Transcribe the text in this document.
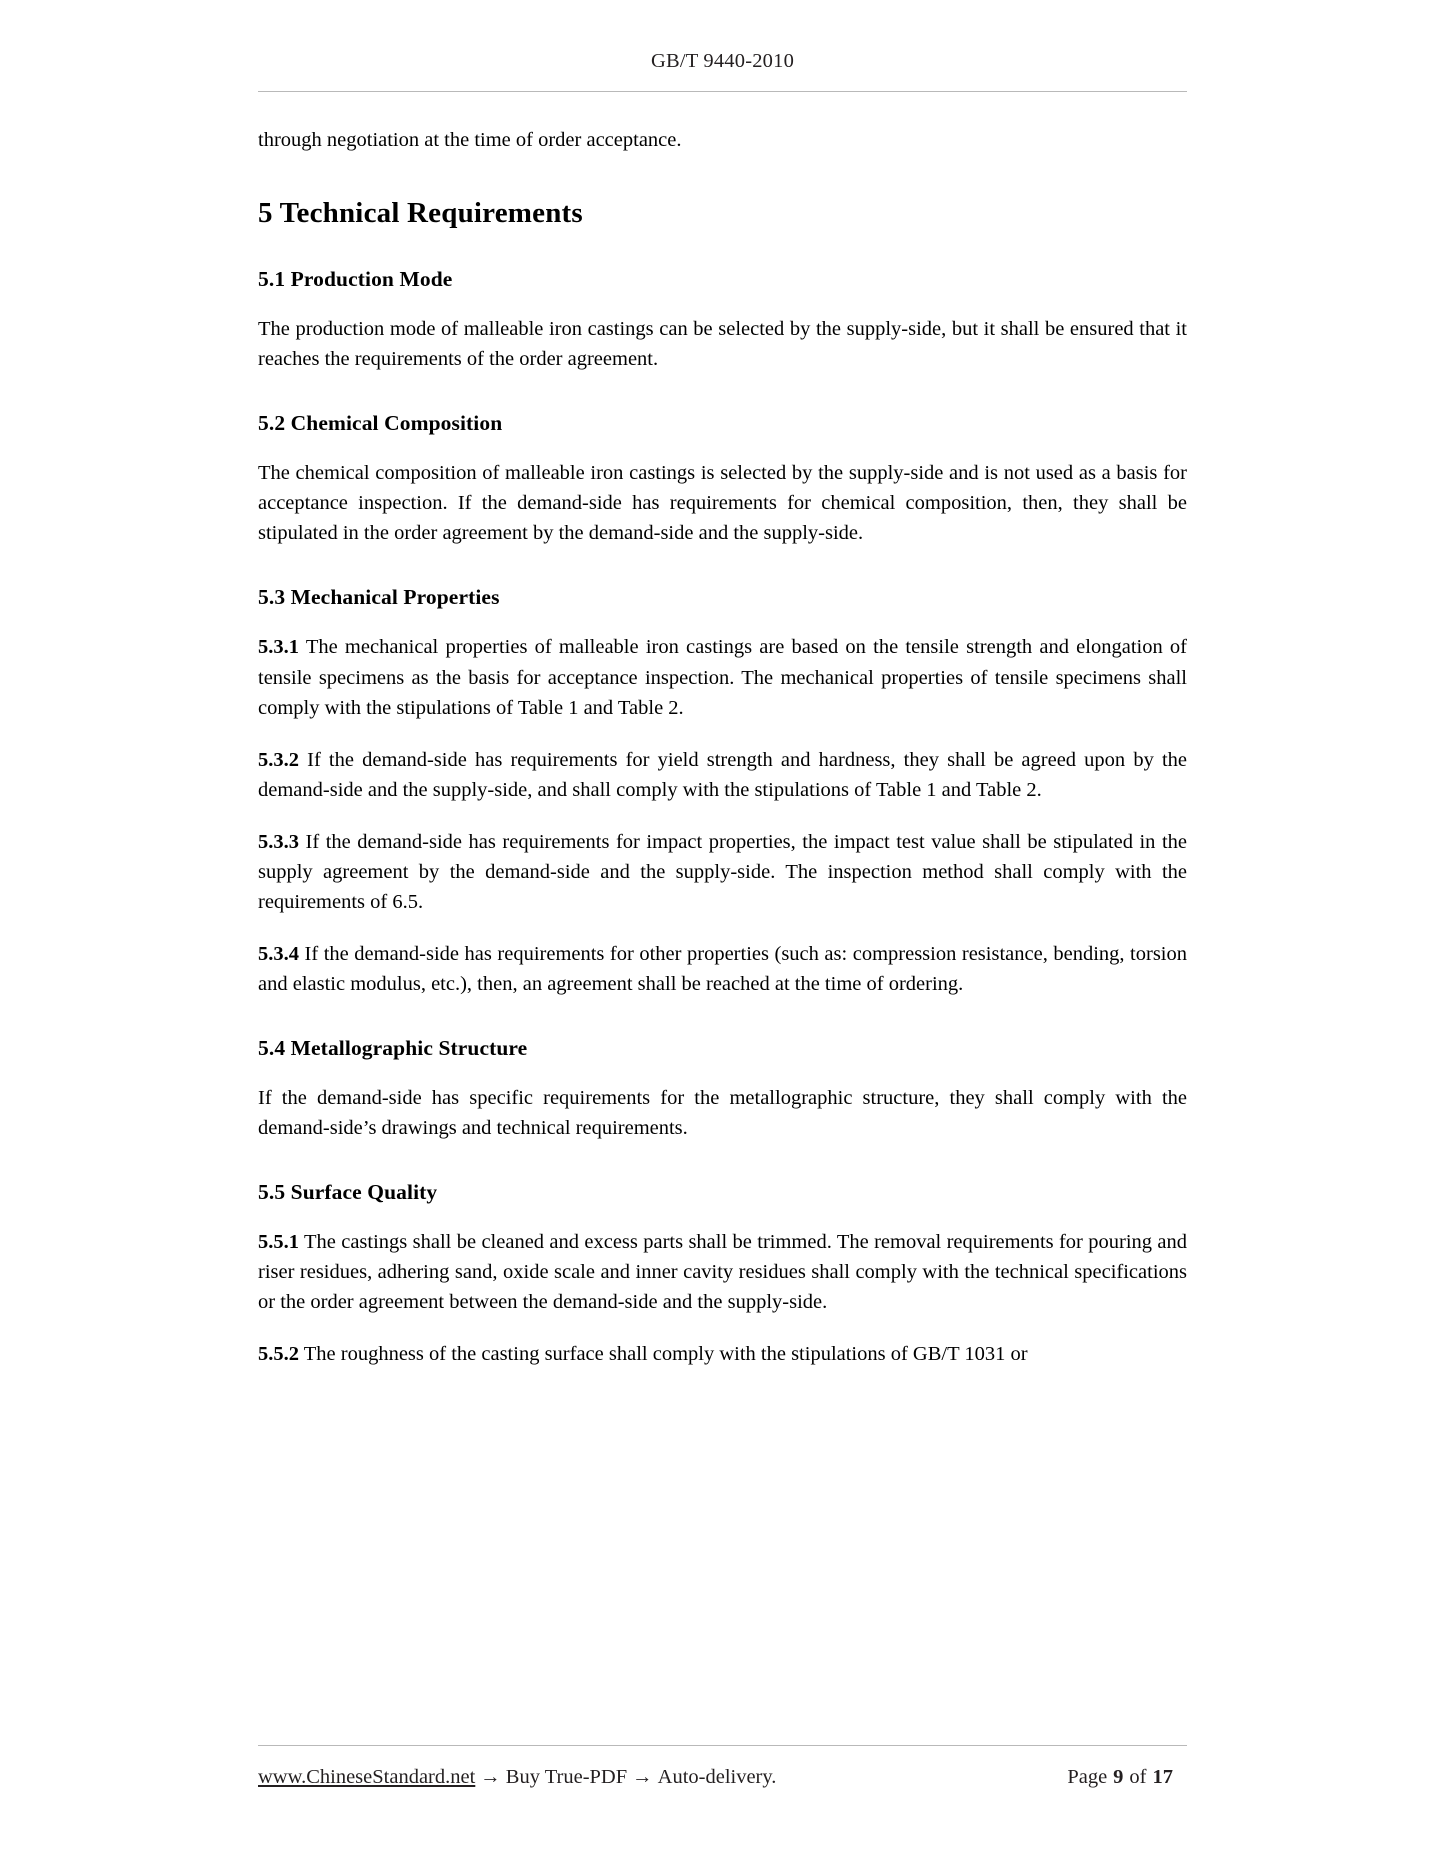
GB/T 9440-2010
through negotiation at the time of order acceptance.
5 Technical Requirements
5.1 Production Mode

The production mode of malleable iron castings can be selected by the supply-side, but it shall be ensured that it reaches the requirements of the order agreement.

5.2 Chemical Composition

The chemical composition of malleable iron castings is selected by the supply-side and is not used as a basis for acceptance inspection. If the demand-side has requirements for chemical composition, then, they shall be stipulated in the order agreement by the demand-side and the supply-side.

5.3 Mechanical Properties

5.3.1 The mechanical properties of malleable iron castings are based on the tensile strength and elongation of tensile specimens as the basis for acceptance inspection. The mechanical properties of tensile specimens shall comply with the stipulations of Table 1 and Table 2.

5.3.2 If the demand-side has requirements for yield strength and hardness, they shall be agreed upon by the demand-side and the supply-side, and shall comply with the stipulations of Table 1 and Table 2.

5.3.3 If the demand-side has requirements for impact properties, the impact test value shall be stipulated in the supply agreement by the demand-side and the supply-side. The inspection method shall comply with the requirements of 6.5.

5.3.4 If the demand-side has requirements for other properties (such as: compression resistance, bending, torsion and elastic modulus, etc.), then, an agreement shall be reached at the time of ordering.

5.4 Metallographic Structure

If the demand-side has specific requirements for the metallographic structure, they shall comply with the demand-side’s drawings and technical requirements.

5.5 Surface Quality

5.5.1 The castings shall be cleaned and excess parts shall be trimmed. The removal requirements for pouring and riser residues, adhering sand, oxide scale and inner cavity residues shall comply with the technical specifications or the order agreement between the demand-side and the supply-side.

5.5.2 The roughness of the casting surface shall comply with the stipulations of GB/T 1031 or

www.ChineseStandard.net → Buy True-PDF → Auto-delivery.	Page 9 of 17
